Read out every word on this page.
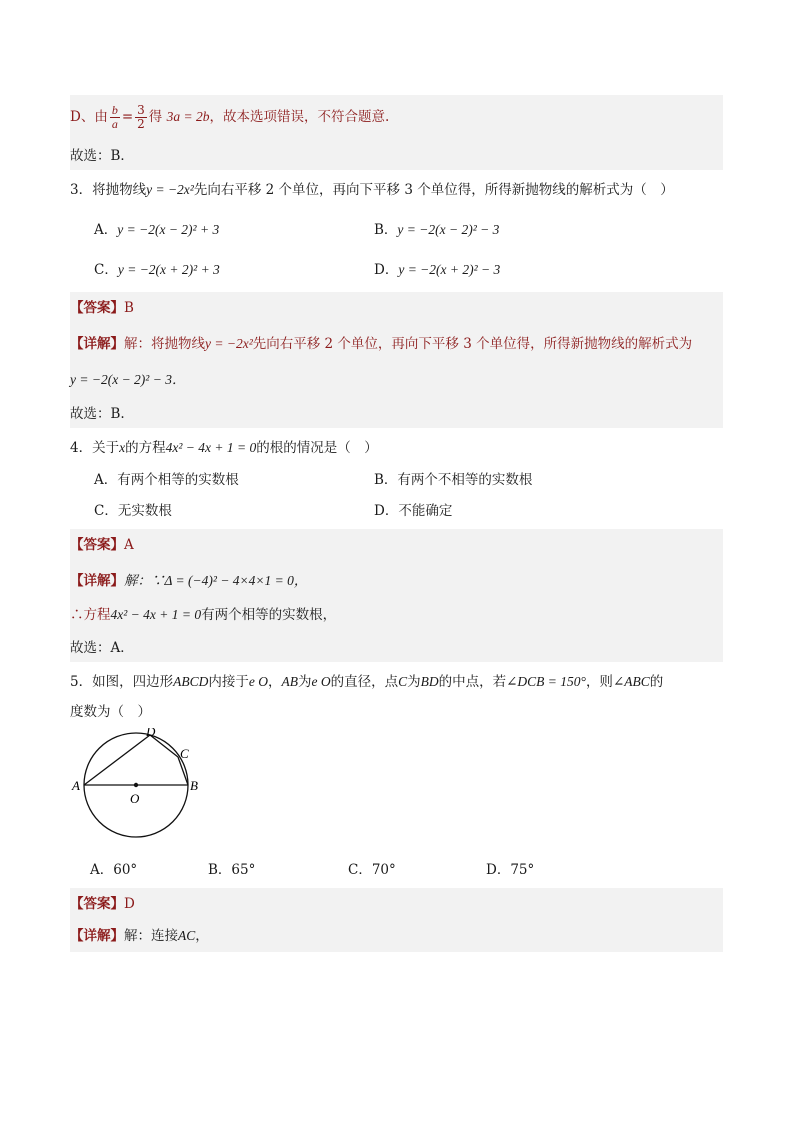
D、由 $\frac{b}{a} = \frac{3}{2}$ 得 3a = 2b，故本选项错误，不符合题意.
故选：B．
3．将抛物线y = −2x²先向右平移 2 个单位，再向下平移 3 个单位得，所得新抛物线的解析式为（　）
A．y = −2(x − 2)² + 3	B．y = −2(x − 2)² − 3
C．y = −2(x + 2)² + 3	D．y = −2(x + 2)² − 3
【答案】B
【详解】解：将抛物线y = −2x²先向右平移 2 个单位，再向下平移 3 个单位得，所得新抛物线的解析式为
y = −2(x − 2)² − 3．
故选：B.
4．关于x的方程4x² − 4x + 1 = 0的根的情况是（　）
A．有两个相等的实数根	B．有两个不相等的实数根
C．无实数根	D．不能确定
【答案】A
【详解】解：∵Δ = (−4)² − 4×4×1 = 0，
∴方程4x² − 4x + 1 = 0有两个相等的实数根，
故选：A．
5．如图，四边形ABCD内接于e O，AB为e O的直径，点C为BD的中点，若∠DCB = 150°，则∠ABC的
度数为（　）
A	B
C
D
O
A．60°	B．65°	C．70°	D．75°
【答案】D
【详解】解：连接AC，
